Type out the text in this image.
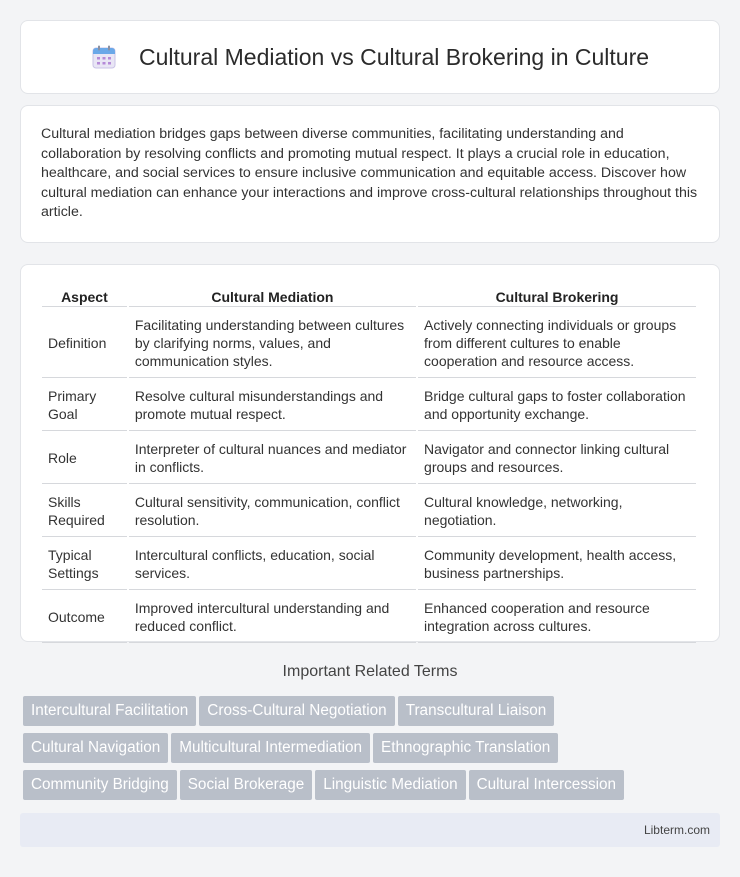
Cultural Mediation vs Cultural Brokering in Culture

Cultural mediation bridges gaps between diverse communities, facilitating understanding and collaboration by resolving conflicts and promoting mutual respect. It plays a crucial role in education, healthcare, and social services to ensure inclusive communication and equitable access. Discover how cultural mediation can enhance your interactions and improve cross-cultural relationships throughout this article.

Aspect	Cultural Mediation	Cultural Brokering
Definition	Facilitating understanding between cultures by clarifying norms, values, and communication styles.	Actively connecting individuals or groups from different cultures to enable cooperation and resource access.
Primary Goal	Resolve cultural misunderstandings and promote mutual respect.	Bridge cultural gaps to foster collaboration and opportunity exchange.
Role	Interpreter of cultural nuances and mediator in conflicts.	Navigator and connector linking cultural groups and resources.
Skills Required	Cultural sensitivity, communication, conflict resolution.	Cultural knowledge, networking, negotiation.
Typical Settings	Intercultural conflicts, education, social services.	Community development, health access, business partnerships.
Outcome	Improved intercultural understanding and reduced conflict.	Enhanced cooperation and resource integration across cultures.
Important Related Terms
Intercultural Facilitation Cross-Cultural Negotiation Transcultural Liaison
Cultural Navigation Multicultural Intermediation Ethnographic Translation
Community Bridging Social Brokerage Linguistic Mediation Cultural Intercession
Libterm.com
